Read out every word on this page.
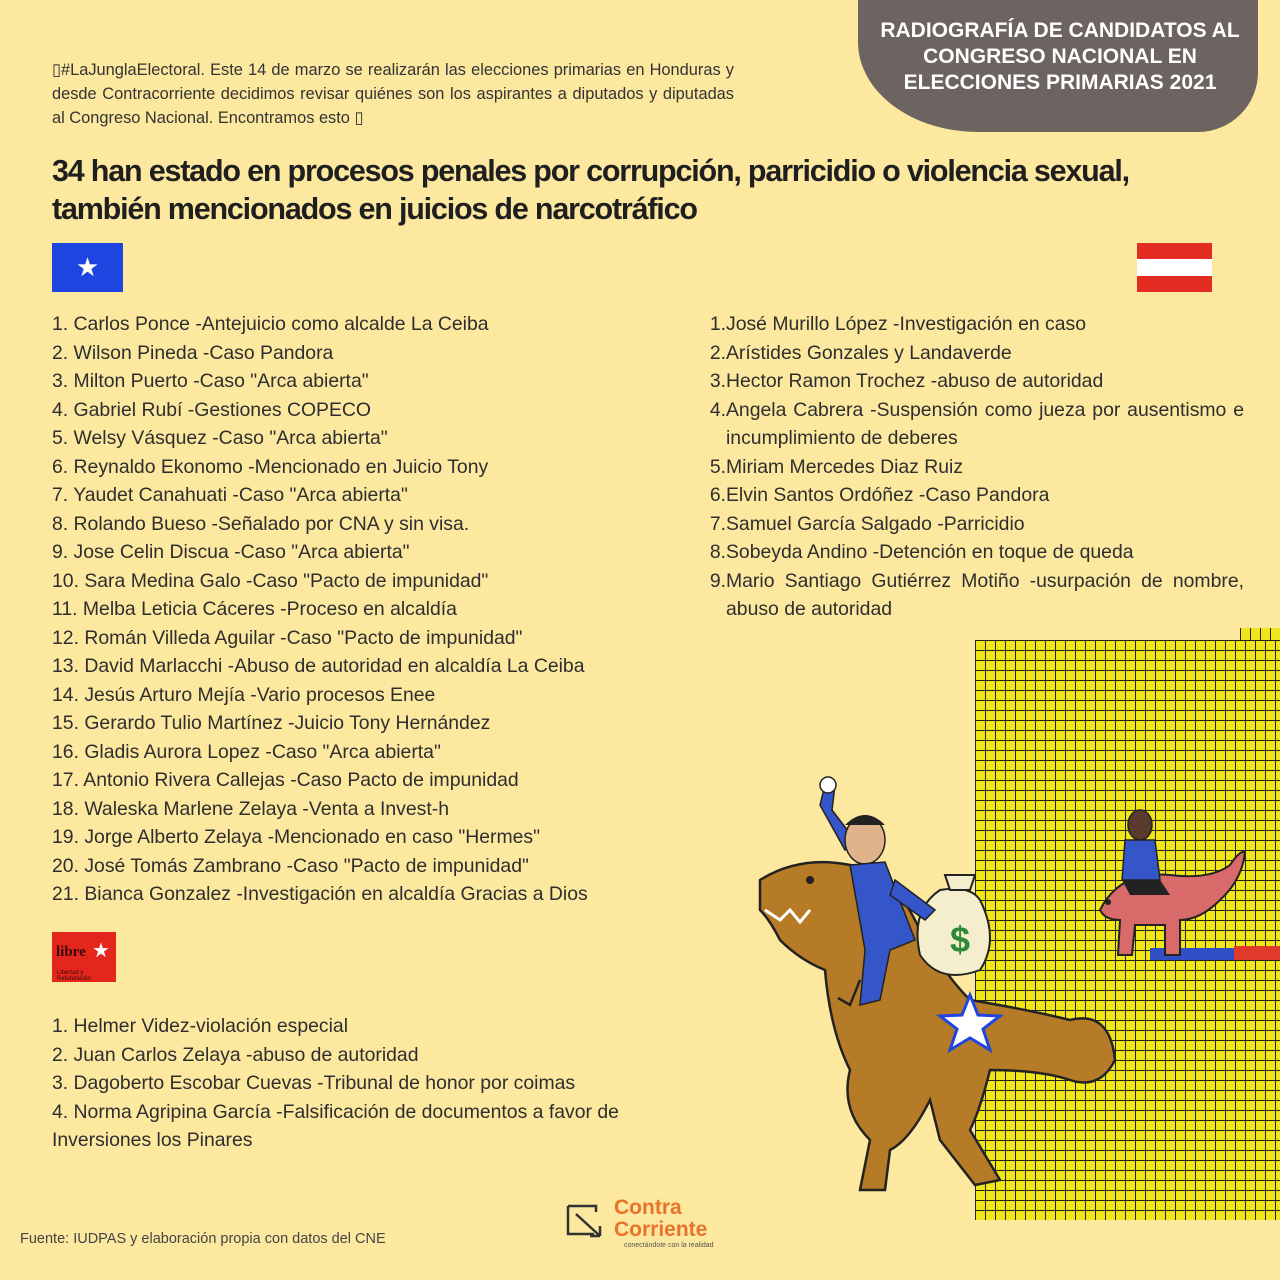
RADIOGRAFÍA DE CANDIDATOS AL CONGRESO NACIONAL EN ELECCIONES PRIMARIAS 2021
▯#LaJunglaElectoral. Este 14 de marzo se realizarán las elecciones primarias en Honduras y desde Contracorriente decidimos revisar quiénes son los aspirantes a diputados y diputadas al Congreso Nacional. Encontramos esto ▯
34 han estado en procesos penales por corrupción, parricidio o violencia sexual, también mencionados en juicios de narcotráfico
★
1. Carlos Ponce -Antejuicio como alcalde La Ceiba
2. Wilson Pineda -Caso Pandora
3. Milton Puerto -Caso "Arca abierta"
4. Gabriel Rubí -Gestiones COPECO
5. Welsy Vásquez -Caso "Arca abierta"
6. Reynaldo Ekonomo -Mencionado en Juicio Tony
7. Yaudet Canahuati -Caso "Arca abierta"
8. Rolando Bueso -Señalado por CNA y sin visa.
9. Jose Celin Discua -Caso "Arca abierta"
10. Sara Medina Galo -Caso "Pacto de impunidad"
11. Melba Leticia Cáceres -Proceso en alcaldía
12. Román Villeda Aguilar -Caso "Pacto de impunidad"
13. David Marlacchi -Abuso de autoridad en alcaldía La Ceiba
14. Jesús Arturo Mejía -Vario procesos Enee
15. Gerardo Tulio Martínez -Juicio Tony Hernández
16. Gladis Aurora Lopez -Caso "Arca abierta"
17. Antonio Rivera Callejas -Caso Pacto de impunidad
18. Waleska Marlene Zelaya -Venta a Invest-h
19. Jorge Alberto Zelaya -Mencionado en caso "Hermes"
20. José Tomás Zambrano -Caso "Pacto de impunidad"
21. Bianca Gonzalez -Investigación en alcaldía Gracias a Dios
1. José Murillo López -Investigación en caso
2. Arístides Gonzales y Landaverde
3. Hector Ramon Trochez -abuso de autoridad
4. Angela Cabrera -Suspensión como jueza por ausentismo e incumplimiento de deberes
5. Miriam Mercedes Diaz Ruiz
6. Elvin Santos Ordóñez -Caso Pandora
7. Samuel García Salgado -Parricidio
8. Sobeyda Andino -Detención en toque de queda
9. Mario Santiago Gutiérrez Motiño -usurpación de nombre, abuso de autoridad
libre ★
Libertad y Refundación
1. Helmer Videz-violación especial
2. Juan Carlos Zelaya -abuso de autoridad
3. Dagoberto Escobar Cuevas -Tribunal de honor por coimas
4. Norma Agripina García -Falsificación de documentos a favor de Inversiones los Pinares
$
Contra
Corriente
conectándote con la realidad
Fuente: IUDPAS y elaboración propia con datos del CNE
